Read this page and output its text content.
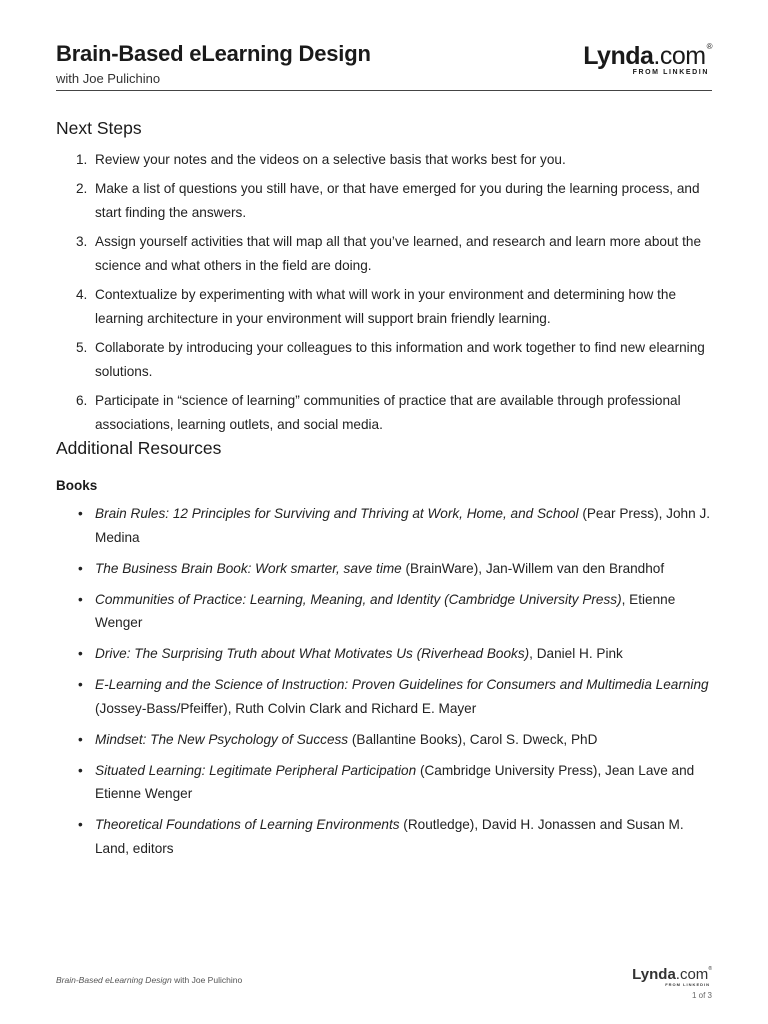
Brain-Based eLearning Design
with Joe Pulichino
Lynda.com®
FROM LINKEDIN
Next Steps
1. Review your notes and the videos on a selective basis that works best for you.
2. Make a list of questions you still have, or that have emerged for you during the learning process, and start finding the answers.
3. Assign yourself activities that will map all that you’ve learned, and research and learn more about the science and what others in the field are doing.
4. Contextualize by experimenting with what will work in your environment and determining how the learning architecture in your environment will support brain friendly learning.
5. Collaborate by introducing your colleagues to this information and work together to find new elearning solutions.
6. Participate in “science of learning” communities of practice that are available through professional associations, learning outlets, and social media.
Additional Resources
Books
• Brain Rules: 12 Principles for Surviving and Thriving at Work, Home, and School (Pear Press), John J. Medina
• The Business Brain Book: Work smarter, save time (BrainWare), Jan-Willem van den Brandhof
• Communities of Practice: Learning, Meaning, and Identity (Cambridge University Press), Etienne Wenger
• Drive: The Surprising Truth about What Motivates Us (Riverhead Books), Daniel H. Pink
• E-Learning and the Science of Instruction: Proven Guidelines for Consumers and Multimedia Learning (Jossey-Bass/Pfeiffer), Ruth Colvin Clark and Richard E. Mayer
• Mindset: The New Psychology of Success (Ballantine Books), Carol S. Dweck, PhD
• Situated Learning: Legitimate Peripheral Participation (Cambridge University Press), Jean Lave and Etienne Wenger
• Theoretical Foundations of Learning Environments (Routledge), David H. Jonassen and Susan M. Land, editors
Brain-Based eLearning Design with Joe Pulichino	Lynda.com®
FROM LINKEDIN
1 of 3
